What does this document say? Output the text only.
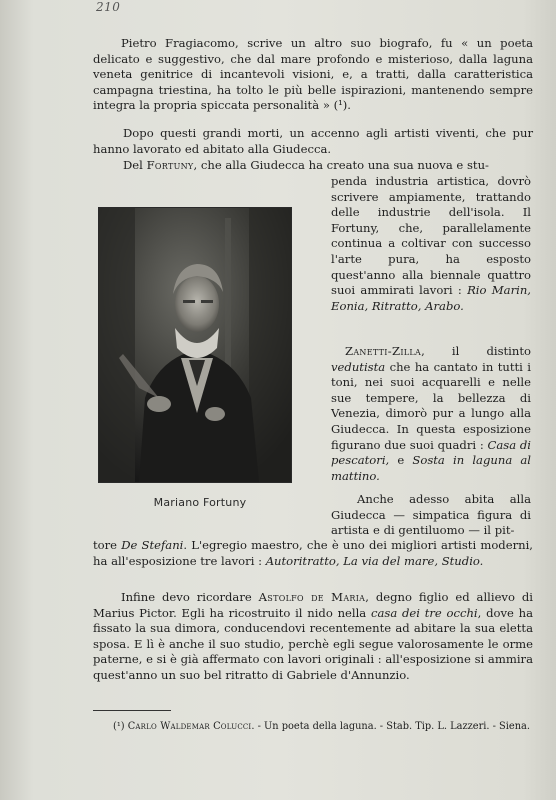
210
Pietro Fragiacomo, scrive un altro suo biografo, fu « un poeta delicato e suggestivo, che dal mare profondo e misterioso, dalla laguna veneta genitrice di incantevoli visioni, e, a tratti, dalla caratteristica campagna triestina, ha tolto le più belle ispirazioni, mantenendo sempre integra la propria spiccata personalità » (¹).
Dopo questi grandi morti, un accenno agli artisti viventi, che pur hanno lavorato ed abitato alla Giudecca.
Del Fortuny, che alla Giudecca ha creato una sua nuova e stu-
penda industria artistica, dovrò scrivere ampiamente, trattando delle industrie dell'isola. Il Fortuny, che, parallelamente continua a coltivar con successo l'arte pura, ha esposto quest'anno alla biennale quattro suoi ammirati lavori : Rio Marin, Eonia, Ritratto, Arabo.
Mariano Fortuny
Zanetti-Zilla, il distinto vedutista che ha cantato in tutti i toni, nei suoi acquarelli e nelle sue tempere, la bellezza di Venezia, dimorò pur a lungo alla Giudecca. In questa esposizione figurano due suoi quadri : Casa di pescatori, e Sosta in laguna al mattino.
Anche adesso abita alla Giudecca — simpatica figura di artista e di gentiluomo — il pit-
tore De Stefani. L'egregio maestro, che è uno dei migliori artisti moderni, ha all'esposizione tre lavori : Autoritratto, La via del mare, Studio.
Infine devo ricordare Astolfo de Maria, degno figlio ed allievo di Marius Pictor. Egli ha ricostruito il nido nella casa dei tre occhi, dove ha fissato la sua dimora, conducendovi recentemente ad abitare la sua eletta sposa. E lì è anche il suo studio, perchè egli segue valorosamente le orme paterne, e si è già affermato con lavori originali : all'esposizione si ammira quest'anno un suo bel ritratto di Gabriele d'Annunzio.
(¹) Carlo Waldemar Colucci. - Un poeta della laguna. - Stab. Tip. L. Lazzeri. - Siena.
